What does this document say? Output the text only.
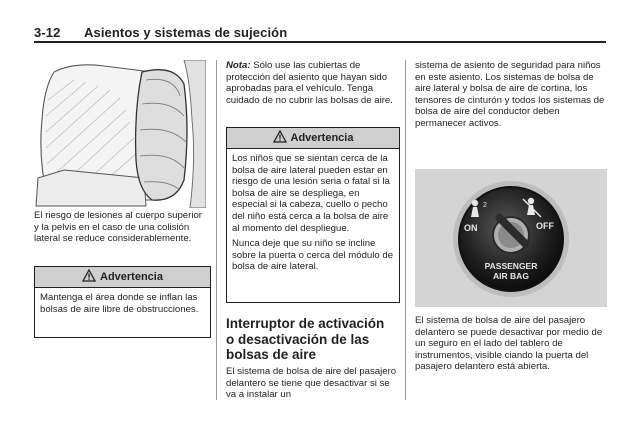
3-12 Asientos y sistemas de sujeción

El riesgo de lesiones al cuerpo superior y la pelvis en el caso de una colisión lateral se reduce considerablemente.

Advertencia

Mantenga el área donde se inflan las bolsas de aire libre de obstrucciones.

Nota: Sólo use las cubiertas de protección del asiento que hayan sido aprobadas para el vehículo. Tenga cuidado de no cubrir las bolsas de aire.

Advertencia

Los niños que se sientan cerca de la bolsa de aire lateral pueden estar en riesgo de una lesión seria o fatal si la bolsa de aire se despliega, en especial si la cabeza, cuello o pecho del niño está cerca a la bolsa de aire al momento del despliegue.

Nunca deje que su niño se incline sobre la puerta o cerca del módulo de bolsa de aire lateral.

Interruptor de activación o desactivación de las bolsas de aire

El sistema de bolsa de aire del pasajero delantero se tiene que desactivar si se va a instalar un

sistema de asiento de seguridad para niños en este asiento. Los sistemas de bolsa de aire lateral y bolsa de aire de cortina, los tensores de cinturón y todos los sistemas de bolsa de aire del conductor deben permanecer activos.

2
ON	OFF
PASSENGER
AIR BAG

El sistema de bolsa de aire del pasajero delantero se puede desactivar por medio de un seguro en el lado del tablero de instrumentos, visible ciando la puerta del pasajero delantero está abierta.
